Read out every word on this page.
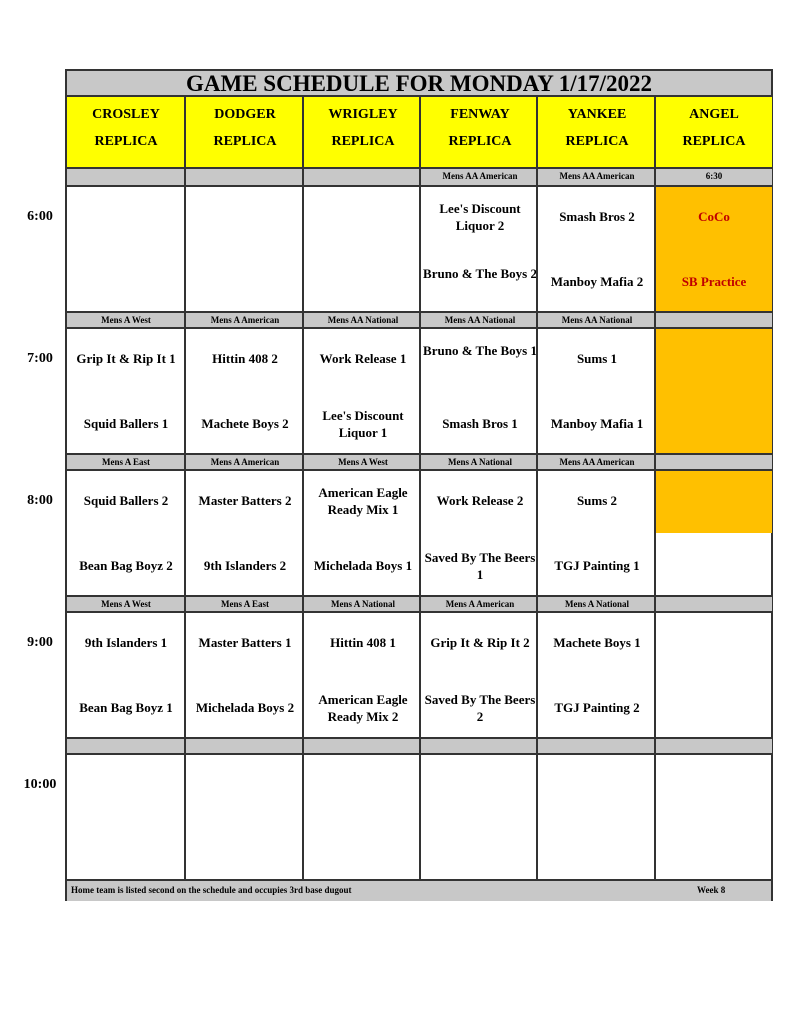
6:00
7:00
8:00
9:00
10:00
GAME SCHEDULE FOR MONDAY 1/17/2022
CROSLEY
REPLICA
Mens A West
Grip It & Rip It 1
Squid Ballers 1
Mens A East
Squid Ballers 2
Bean Bag Boyz 2
Mens A West
9th Islanders 1
Bean Bag Boyz 1
DODGER
REPLICA
Mens A American
Hittin 408 2
Machete Boys 2
Mens A American
Master Batters 2
9th Islanders 2
Mens A East
Master Batters 1
Michelada Boys 2
WRIGLEY
REPLICA
Mens AA National
Work Release 1
Lee's Discount Liquor 1
Mens A West
American Eagle Ready Mix 1
Michelada Boys 1
Mens A National
Hittin 408 1
American Eagle Ready Mix 2
FENWAY
REPLICA
Mens AA American
Lee's Discount Liquor 2
Bruno & The Boys 2
Mens AA National
Bruno & The Boys 1
Smash Bros 1
Mens A National
Work Release 2
Saved By The Beers 1
Mens A American
Grip It & Rip It 2
Saved By The Beers 2
YANKEE
REPLICA
Mens AA American
Smash Bros 2
Manboy Mafia 2
Mens AA National
Sums 1
Manboy Mafia 1
Mens AA American
Sums 2
TGJ Painting 1
Mens A National
Machete Boys 1
TGJ Painting 2
ANGEL
REPLICA
6:30
CoCo
SB Practice
Home team is listed second on the schedule and occupies 3rd base dugout	Week 8
